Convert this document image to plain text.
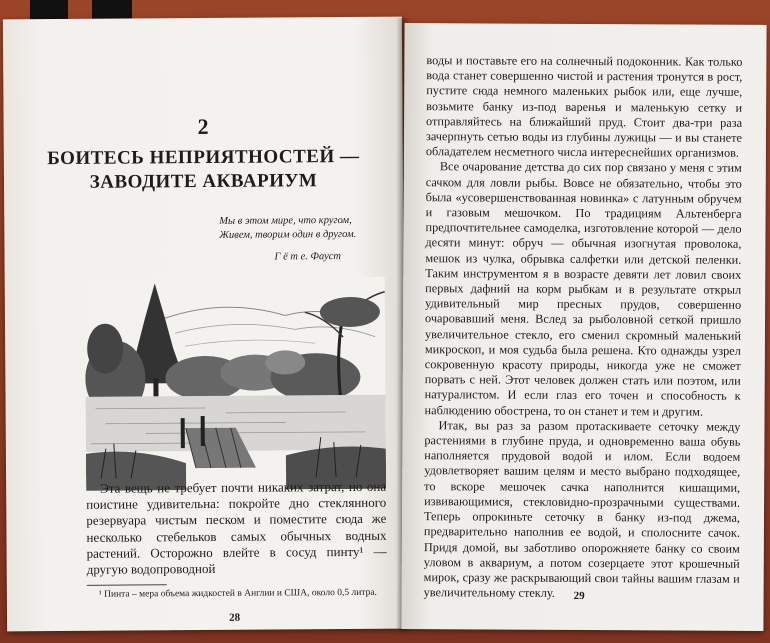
2
БОИТЕСЬ НЕПРИЯТНОСТЕЙ —
ЗАВОДИТЕ АКВАРИУМ
Мы в этом мире, что кругом,
Живем, творим один в другом.
Г ё т е. Фауст

Эта вещь не требует почти никаких затрат, но она поистине удивительна: покройте дно стеклянного резервуара чистым песком и поместите сюда же несколько стебельков самых обычных водных растений. Осторожно влейте в сосуд пинту¹ — другую водопроводной

¹ Пинта – мера объема жидкостей в Англии и США, около 0,5 литра.
28

воды и поставьте его на солнечный подоконник. Как только вода станет совершенно чистой и растения тронутся в рост, пустите сюда немного маленьких рыбок или, еще лучше, возьмите банку из-под варенья и маленькую сетку и отправляйтесь на ближайший пруд. Стоит два-три раза зачерпнуть сетью воды из глубины лужицы — и вы станете обладателем несметного числа интереснейших организмов.

Все очарование детства до сих пор связано у меня с этим сачком для ловли рыбы. Вовсе не обязательно, чтобы это была «усовершенствованная новинка» с латунным обручем и газовым мешочком. По традициям Альтенберга предпочтительнее самоделка, изготовление которой — дело десяти минут: обруч — обычная изогнутая проволока, мешок из чулка, обрывка салфетки или детской пеленки. Таким инструментом я в возрасте девяти лет ловил своих первых дафний на корм рыбкам и в результате открыл удивительный мир пресных прудов, совершенно очаровавший меня. Вслед за рыболовной сеткой пришло увеличительное стекло, его сменил скромный маленький микроскоп, и моя судьба была решена. Кто однажды узрел сокровенную красоту природы, никогда уже не сможет порвать с ней. Этот человек должен стать или поэтом, или натуралистом. И если глаз его точен и способность к наблюдению обострена, то он станет и тем и другим.

Итак, вы раз за разом протаскиваете сеточку между растениями в глубине пруда, и одновременно ваша обувь наполняется прудовой водой и илом. Если водоем удовлетворяет вашим целям и место выбрано подходящее, то вскоре мешочек сачка наполнится кишащими, извивающимися, стекловидно-прозрачными существами. Теперь опрокиньте сеточку в банку из-под джема, предварительно наполнив ее водой, и сполосните сачок. Придя домой, вы заботливо опорожняете банку со своим уловом в аквариум, а потом созерцаете этот крошечный мирок, сразу же раскрывающий свои тайны вашим глазам и увеличительному стеклу.	29
